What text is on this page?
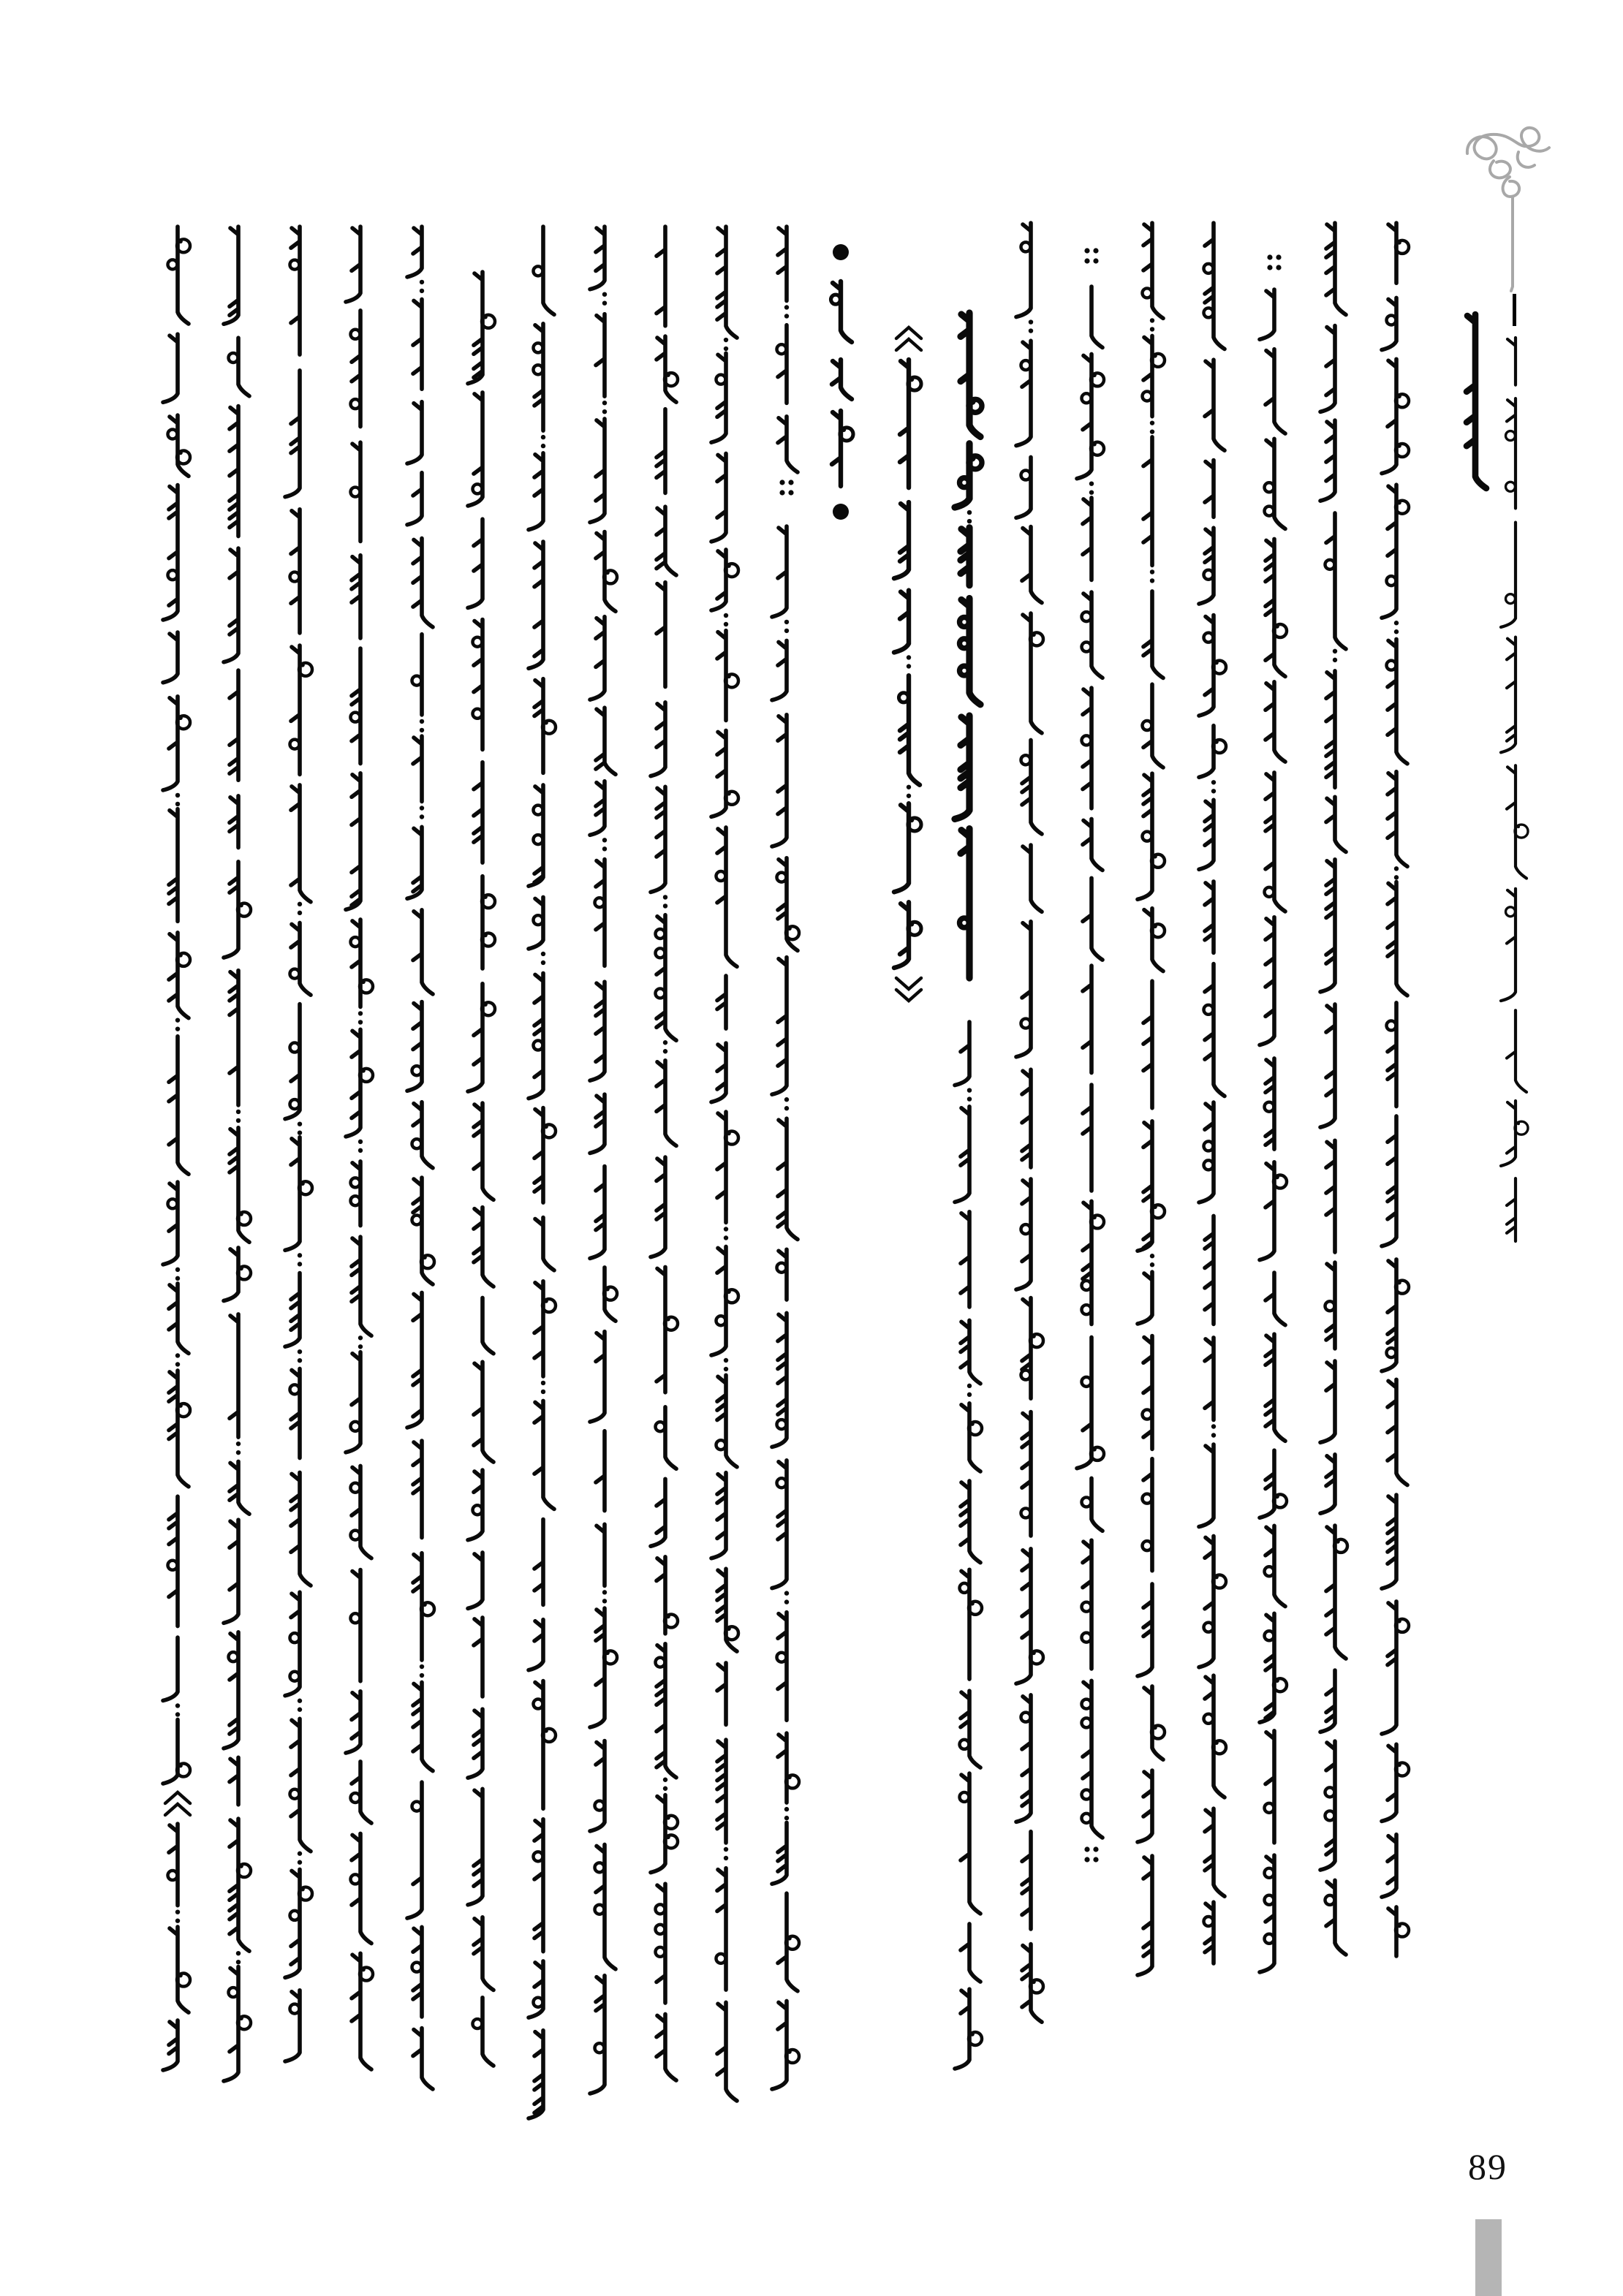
89
